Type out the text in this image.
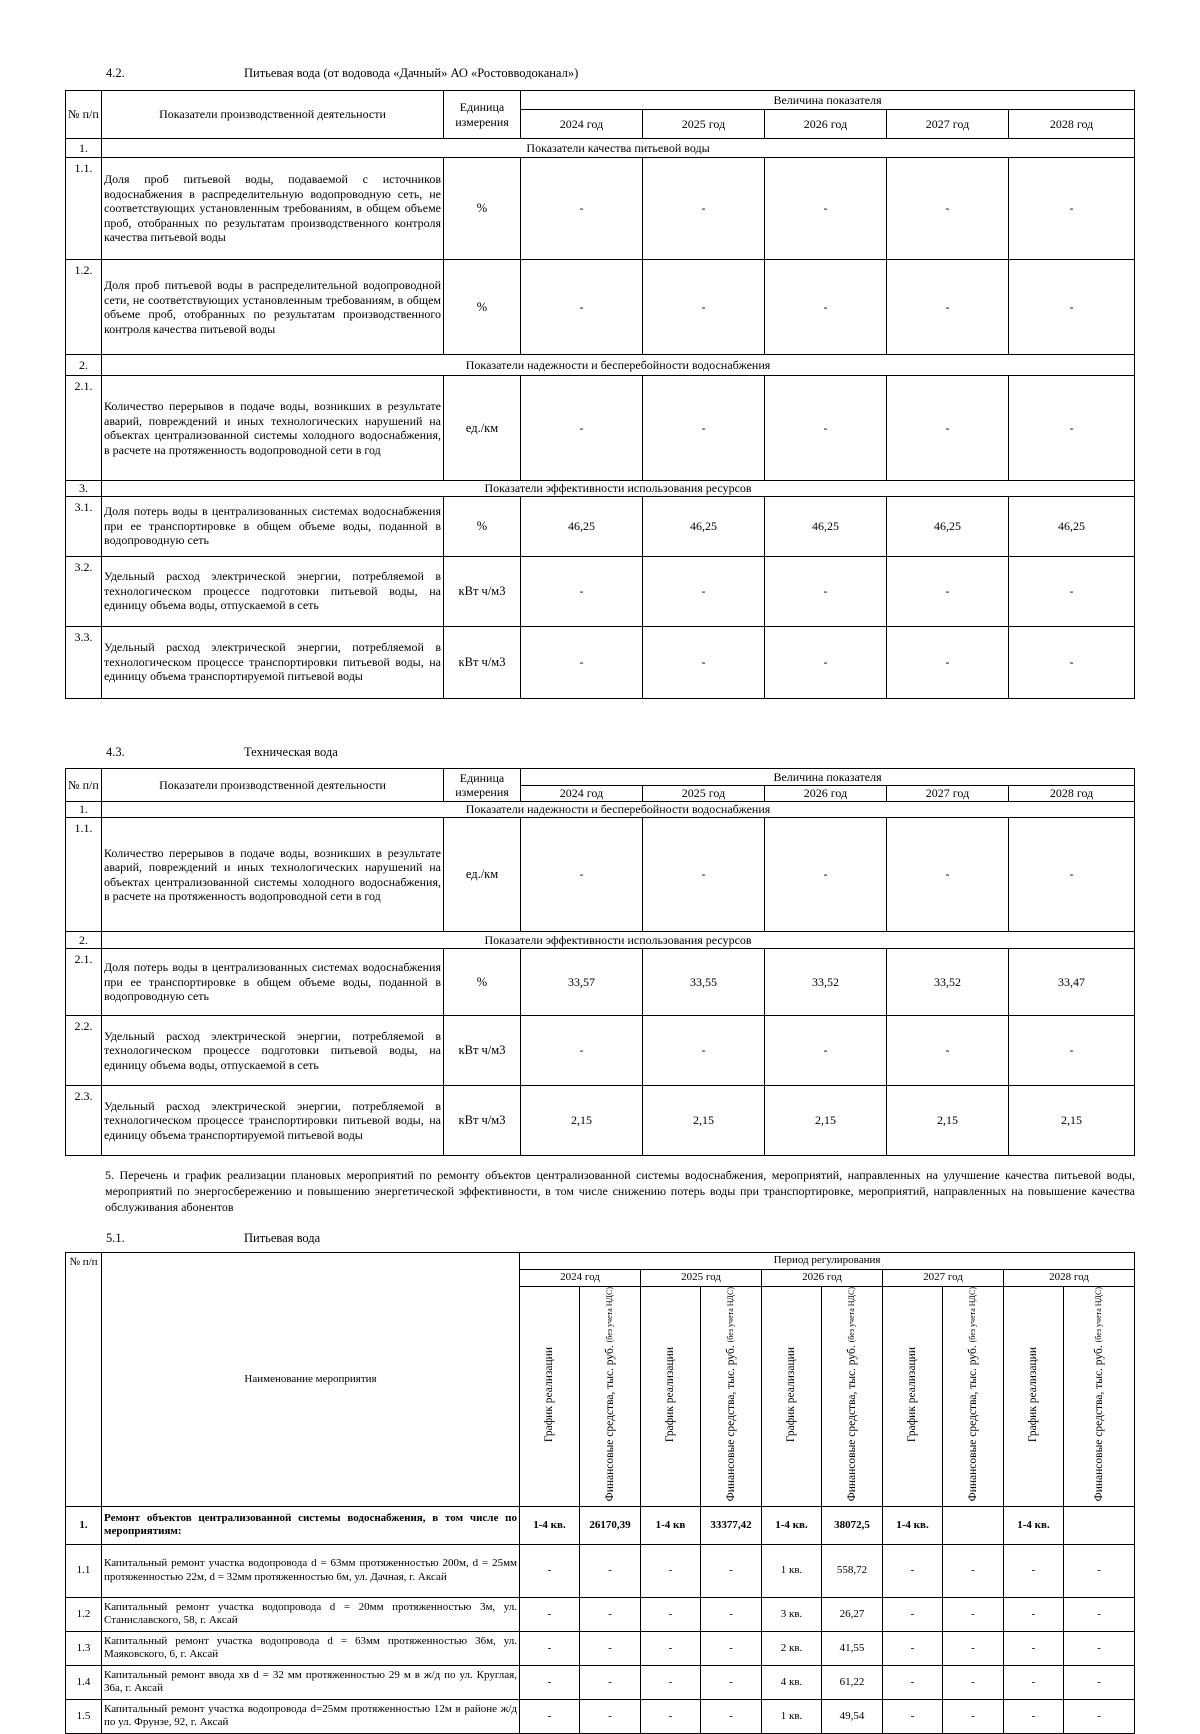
4.2.	Питьевая вода (от водовода «Дачный» АО «Ростовводоканал»)
№ п/п	Показатели производственной деятельности	Единица измерения	Величина показателя				
			2024 год	2025 год	2026 год	2027 год	2028 год
1.	Показатели качества питьевой воды						
1.1.	Доля проб питьевой воды, подаваемой с источников водоснабжения в распределительную водопроводную сеть, не соответствующих установленным требованиям, в общем объеме проб, отобранных по результатам производственного контроля качества питьевой воды	%	-	-	-	-	-
1.2.	Доля проб питьевой воды в распределительной водопроводной сети, не соответствующих установленным требованиям, в общем объеме проб, отобранных по результатам производственного контроля качества питьевой воды	%	-	-	-	-	-
2.	Показатели надежности и бесперебойности водоснабжения						
2.1.	Количество перерывов в подаче воды, возникших в результате аварий, повреждений и иных технологических нарушений на объектах централизованной системы холодного водоснабжения, в расчете на протяженность водопроводной сети в год	ед./км	-	-	-	-	-
3.	Показатели эффективности использования ресурсов						
3.1.	Доля потерь воды в централизованных системах водоснабжения при ее транспортировке в общем объеме воды, поданной в водопроводную сеть	%	46,25	46,25	46,25	46,25	46,25
3.2.	Удельный расход электрической энергии, потребляемой в технологическом процессе подготовки питьевой воды, на единицу объема воды, отпускаемой в сеть	кВт ч/м3	-	-	-	-	-
3.3.	Удельный расход электрической энергии, потребляемой в технологическом процессе транспортировки питьевой воды, на единицу объема транспортируемой питьевой воды	кВт ч/м3	-	-	-	-	-
4.3.	Техническая вода
№ п/п	Показатели производственной деятельности	Единица измерения	Величина показателя				
			2024 год	2025 год	2026 год	2027 год	2028 год
1.	Показатели надежности и бесперебойности водоснабжения						
1.1.	Количество перерывов в подаче воды, возникших в результате аварий, повреждений и иных технологических нарушений на объектах централизованной системы холодного водоснабжения, в расчете на протяженность водопроводной сети в год	ед./км	-	-	-	-	-
2.	Показатели эффективности использования ресурсов						
2.1.	Доля потерь воды в централизованных системах водоснабжения при ее транспортировке в общем объеме воды, поданной в водопроводную сеть	%	33,57	33,55	33,52	33,52	33,47
2.2.	Удельный расход электрической энергии, потребляемой в технологическом процессе подготовки питьевой воды, на единицу объема воды, отпускаемой в сеть	кВт ч/м3	-	-	-	-	-
2.3.	Удельный расход электрической энергии, потребляемой в технологическом процессе транспортировки питьевой воды, на единицу объема транспортируемой питьевой воды	кВт ч/м3	2,15	2,15	2,15	2,15	2,15
5. Перечень и график реализации плановых мероприятий по ремонту объектов централизованной системы водоснабжения, мероприятий, направленных на улучшение качества питьевой воды, мероприятий по энергосбережению и повышению энергетической эффективности, в том числе снижению потерь воды при транспортировке, мероприятий, направленных на повышение качества обслуживания абонентов
5.1.	Питьевая вода
№ п/п	Наименование мероприятия	Период регулирования									
		2024 год		2025 год		2026 год		2027 год		2028 год	
		График реализации	Финансовые средства, тыс. руб. (без учета НДС)	График реализации	Финансовые средства, тыс. руб. (без учета НДС)	График реализации	Финансовые средства, тыс. руб. (без учета НДС)	График реализации	Финансовые средства, тыс. руб. (без учета НДС)	График реализации	Финансовые средства, тыс. руб. (без учета НДС)
1.	Ремонт объектов централизованной системы водоснабжения, в том числе по мероприятиям:	1-4 кв.	26170,39	1-4 кв	33377,42	1-4 кв.	38072,5	1-4 кв.		1-4 кв.	
1.1	Капитальный ремонт участка водопровода d = 63мм протяженностью 200м, d = 25мм протяженностью 22м, d = 32мм протяженностью 6м, ул. Дачная, г. Аксай	-	-	-	-	1 кв.	558,72	-	-	-	-
1.2	Капитальный ремонт участка водопровода d = 20мм протяженностью 3м, ул. Станиславского, 58, г. Аксай	-	-	-	-	3 кв.	26,27	-	-	-	-
1.3	Капитальный ремонт участка водопровода d = 63мм протяженностью 36м, ул. Маяковского, 6, г. Аксай	-	-	-	-	2 кв.	41,55	-	-	-	-
1.4	Капитальный ремонт ввода хв d = 32 мм протяженностью 29 м в ж/д по ул. Круглая, 36а, г. Аксай	-	-	-	-	4 кв.	61,22	-	-	-	-
1.5	Капитальный ремонт участка водопровода d=25мм протяженностью 12м в районе ж/д по ул. Фрунзе, 92, г. Аксай	-	-	-	-	1 кв.	49,54	-	-	-	-
